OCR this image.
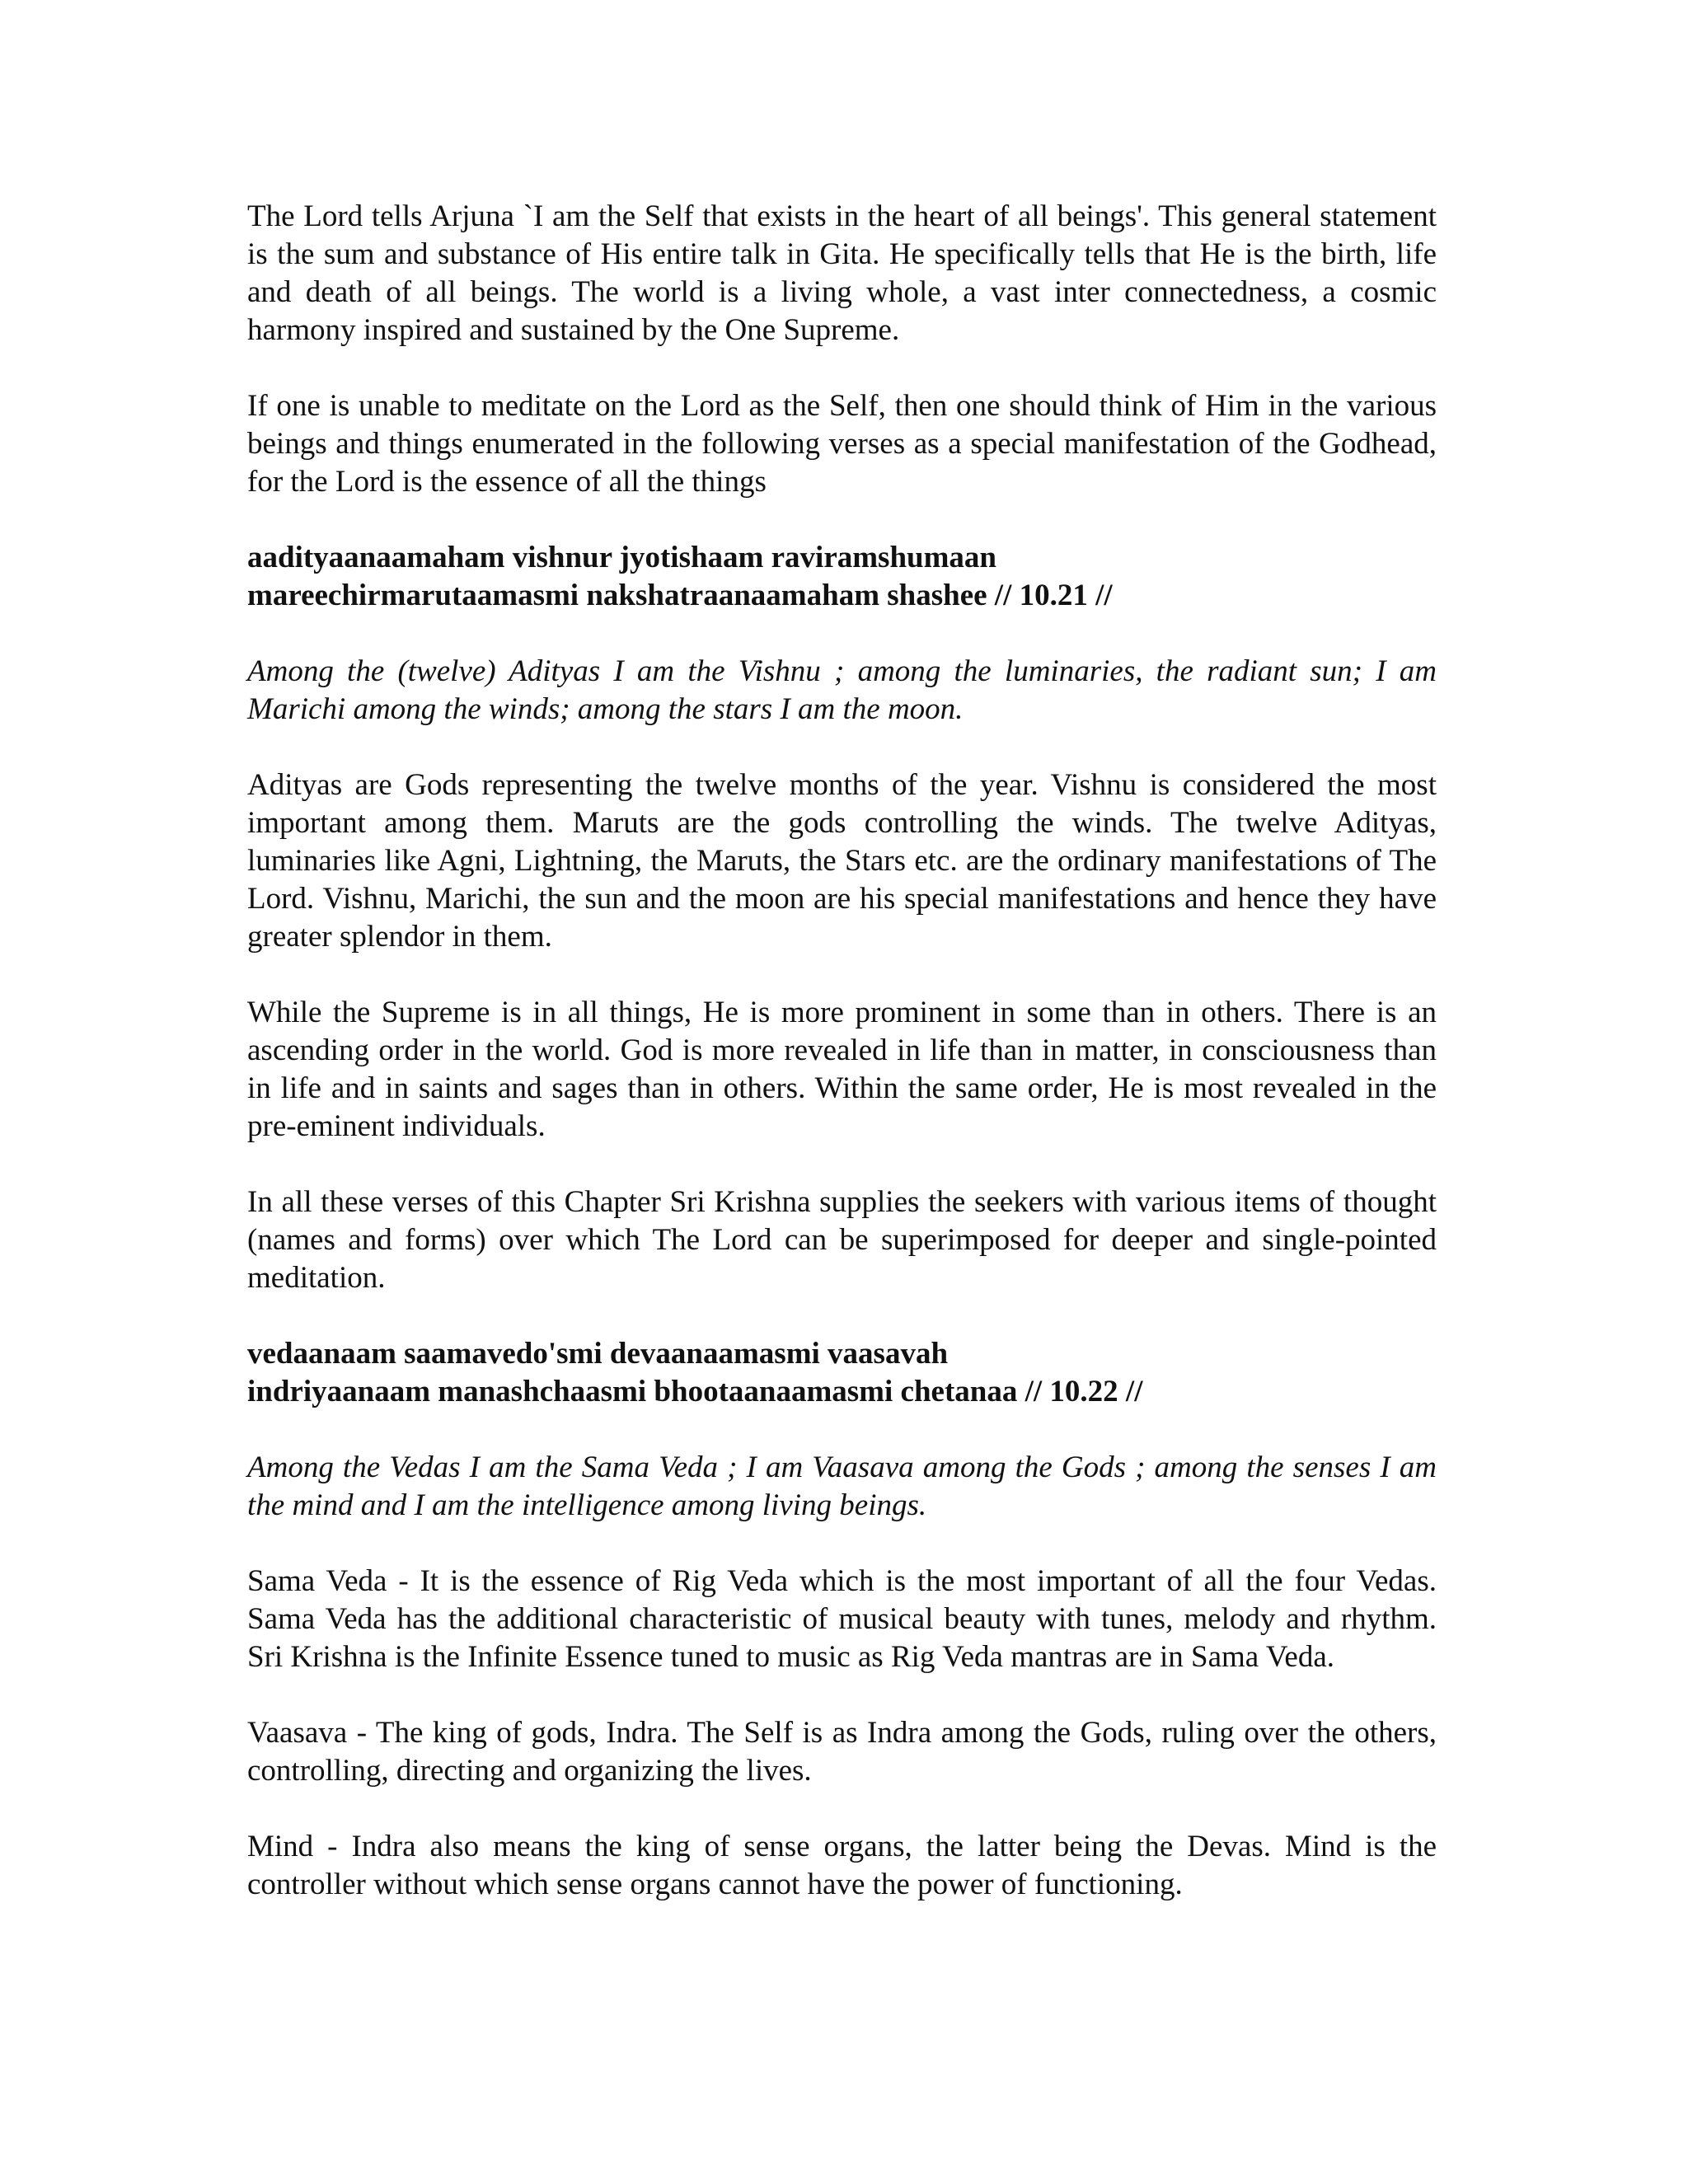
The Lord tells Arjuna `I am the Self that exists in the heart of all beings'. This general statement is the sum and substance of His entire talk in Gita. He specifically tells that He is the birth, life and death of all beings. The world is a living whole, a vast inter connectedness, a cosmic harmony inspired and sustained by the One Supreme.

If one is unable to meditate on the Lord as the Self, then one should think of Him in the various beings and things enumerated in the following verses as a special manifestation of the Godhead, for the Lord is the essence of all the things

aadityaanaamaham vishnur jyotishaam raviramshumaan
mareechirmarutaamasmi nakshatraanaamaham shashee // 10.21 //

Among the (twelve) Adityas I am the Vishnu ; among the luminaries, the radiant sun; I am Marichi among the winds; among the stars I am the moon.

Adityas are Gods representing the twelve months of the year. Vishnu is considered the most important among them. Maruts are the gods controlling the winds. The twelve Adityas, luminaries like Agni, Lightning, the Maruts, the Stars etc. are the ordinary manifestations of The Lord. Vishnu, Marichi, the sun and the moon are his special manifestations and hence they have greater splendor in them.

While the Supreme is in all things, He is more prominent in some than in others. There is an ascending order in the world. God is more revealed in life than in matter, in consciousness than in life and in saints and sages than in others. Within the same order, He is most revealed in the pre-eminent individuals.

In all these verses of this Chapter Sri Krishna supplies the seekers with various items of thought (names and forms) over which The Lord can be superimposed for deeper and single-pointed meditation.

vedaanaam saamavedo'smi devaanaamasmi vaasavah
indriyaanaam manashchaasmi bhootaanaamasmi chetanaa // 10.22 //

Among the Vedas I am the Sama Veda ; I am Vaasava among the Gods ; among the senses I am the mind and I am the intelligence among living beings.

Sama Veda - It is the essence of Rig Veda which is the most important of all the four Vedas. Sama Veda has the additional characteristic of musical beauty with tunes, melody and rhythm. Sri Krishna is the Infinite Essence tuned to music as Rig Veda mantras are in Sama Veda.

Vaasava - The king of gods, Indra. The Self is as Indra among the Gods, ruling over the others, controlling, directing and organizing the lives.

Mind - Indra also means the king of sense organs, the latter being the Devas. Mind is the controller without which sense organs cannot have the power of functioning.
